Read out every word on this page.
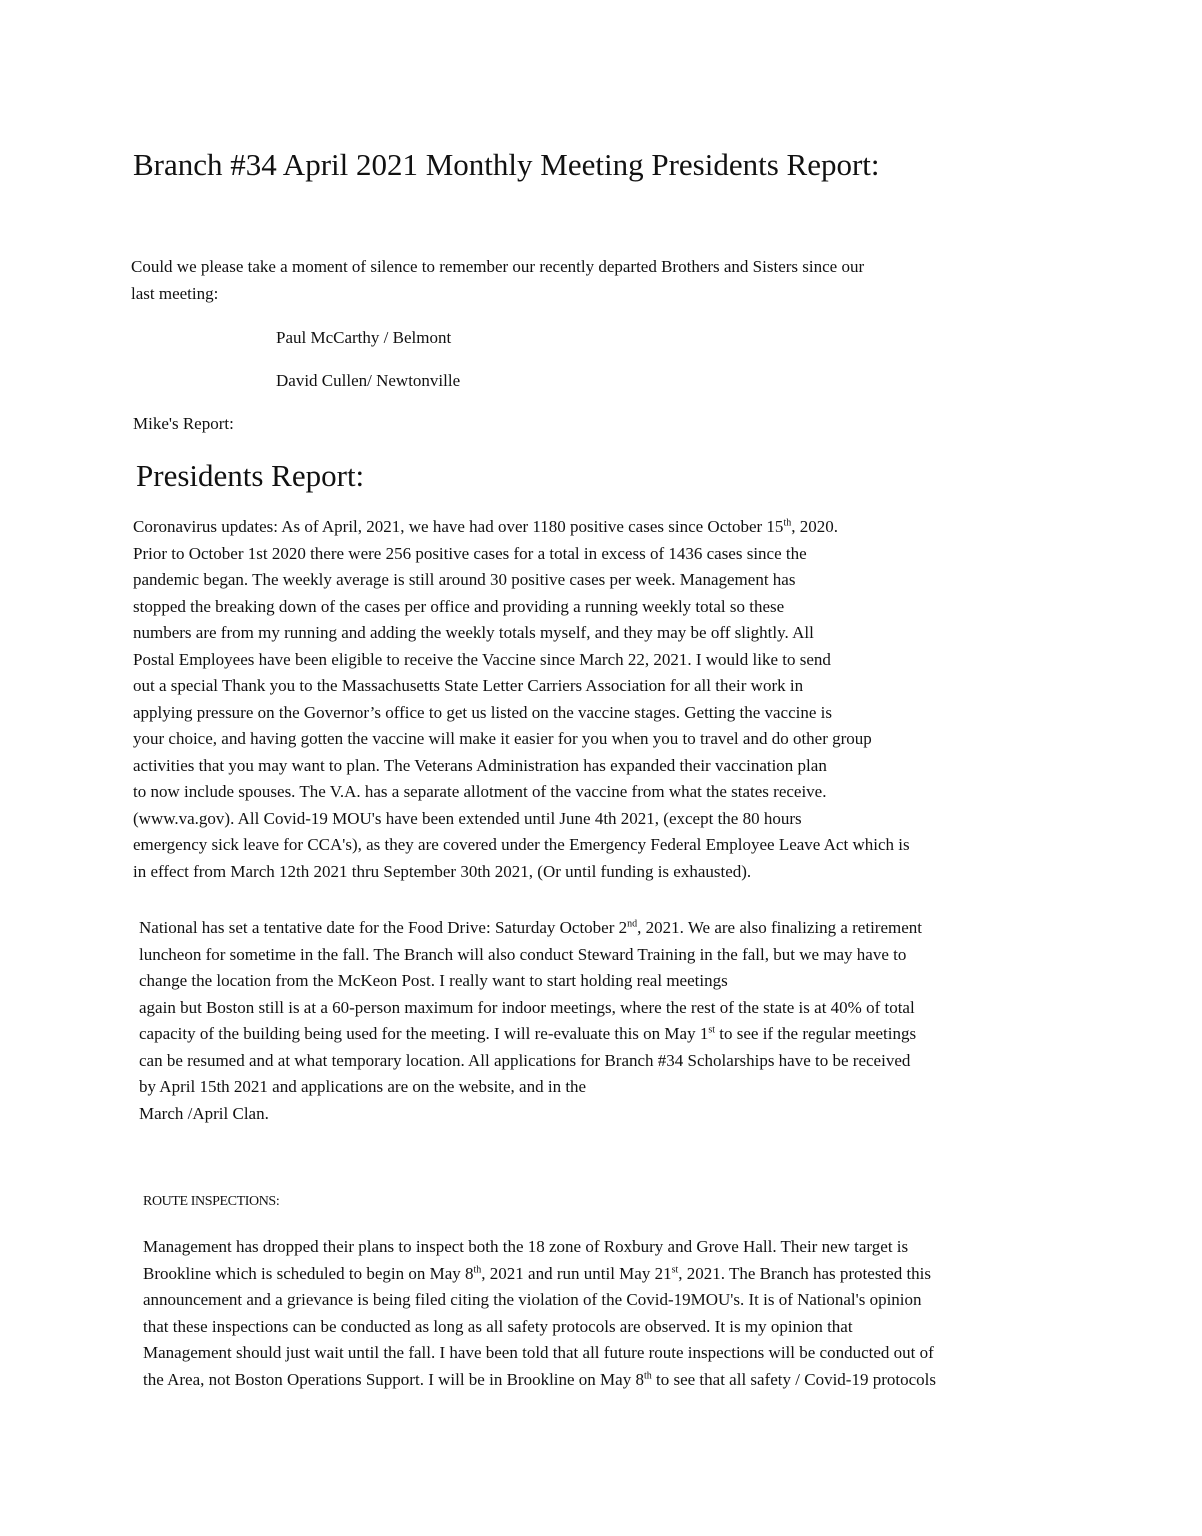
Branch #34 April 2021 Monthly Meeting Presidents Report:
Could we please take a moment of silence to remember our recently departed Brothers and Sisters since our
last meeting:
Paul McCarthy / Belmont
David Cullen/ Newtonville
Mike's Report:
Presidents Report:
Coronavirus updates: As of April, 2021, we have had over 1180 positive cases since October 15th, 2020.
Prior to October 1st 2020 there were 256 positive cases for a total in excess of 1436 cases since the
pandemic began. The weekly average is still around 30 positive cases per week. Management has
stopped the breaking down of the cases per office and providing a running weekly total so these
numbers are from my running and adding the weekly totals myself, and they may be off slightly. All
Postal Employees have been eligible to receive the Vaccine since March 22, 2021. I would like to send
out a special Thank you to the Massachusetts State Letter Carriers Association for all their work in
applying pressure on the Governor’s office to get us listed on the vaccine stages. Getting the vaccine is
your choice, and having gotten the vaccine will make it easier for you when you to travel and do other group
activities that you may want to plan. The Veterans Administration has expanded their vaccination plan
to now include spouses. The V.A. has a separate allotment of the vaccine from what the states receive.
(www.va.gov). All Covid-19 MOU's have been extended until June 4th 2021, (except the 80 hours
emergency sick leave for CCA's), as they are covered under the Emergency Federal Employee Leave Act which is
in effect from March 12th 2021 thru September 30th 2021, (Or until funding is exhausted).
National has set a tentative date for the Food Drive: Saturday October 2nd, 2021. We are also finalizing a retirement
luncheon for sometime in the fall. The Branch will also conduct Steward Training in the fall, but we may have to
change the location from the McKeon Post. I really want to start holding real meetings
again but Boston still is at a 60-person maximum for indoor meetings, where the rest of the state is at 40% of total
capacity of the building being used for the meeting. I will re-evaluate this on May 1st to see if the regular meetings
can be resumed and at what temporary location. All applications for Branch #34 Scholarships have to be received
by April 15th 2021 and applications are on the website, and in the
March /April Clan.
ROUTE INSPECTIONS:
Management has dropped their plans to inspect both the 18 zone of Roxbury and Grove Hall. Their new target is
Brookline which is scheduled to begin on May 8th, 2021 and run until May 21st, 2021. The Branch has protested this
announcement and a grievance is being filed citing the violation of the Covid-19MOU's. It is of National's opinion
that these inspections can be conducted as long as all safety protocols are observed. It is my opinion that
Management should just wait until the fall. I have been told that all future route inspections will be conducted out of
the Area, not Boston Operations Support. I will be in Brookline on May 8th to see that all safety / Covid-19 protocols
